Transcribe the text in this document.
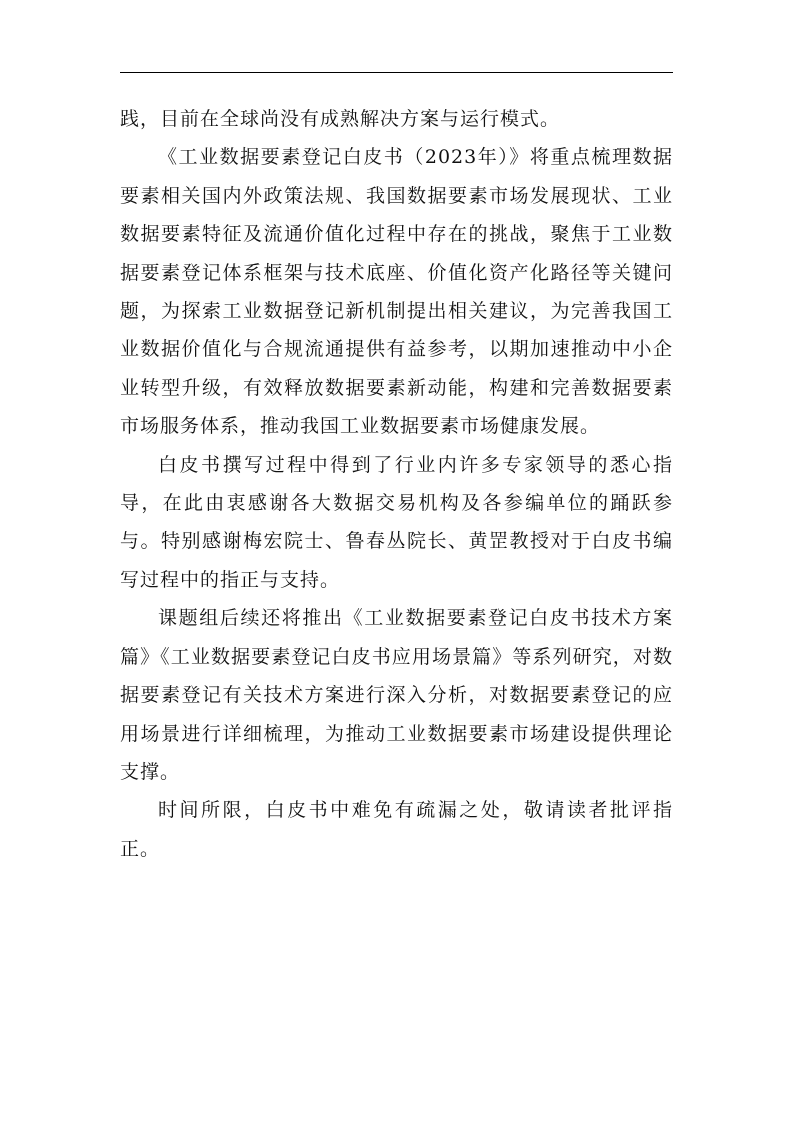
践，目前在全球尚没有成熟解决方案与运行模式。

《工业数据要素登记白皮书（2023年）》将重点梳理数据要素相关国内外政策法规、我国数据要素市场发展现状、工业数据要素特征及流通价值化过程中存在的挑战，聚焦于工业数据要素登记体系框架与技术底座、价值化资产化路径等关键问题，为探索工业数据登记新机制提出相关建议，为完善我国工业数据价值化与合规流通提供有益参考，以期加速推动中小企业转型升级，有效释放数据要素新动能，构建和完善数据要素市场服务体系，推动我国工业数据要素市场健康发展。

白皮书撰写过程中得到了行业内许多专家领导的悉心指导，在此由衷感谢各大数据交易机构及各参编单位的踊跃参与。特别感谢梅宏院士、鲁春丛院长、黄罡教授对于白皮书编写过程中的指正与支持。

课题组后续还将推出《工业数据要素登记白皮书技术方案篇》《工业数据要素登记白皮书应用场景篇》等系列研究，对数据要素登记有关技术方案进行深入分析，对数据要素登记的应用场景进行详细梳理，为推动工业数据要素市场建设提供理论支撑。

时间所限，白皮书中难免有疏漏之处，敬请读者批评指正。
